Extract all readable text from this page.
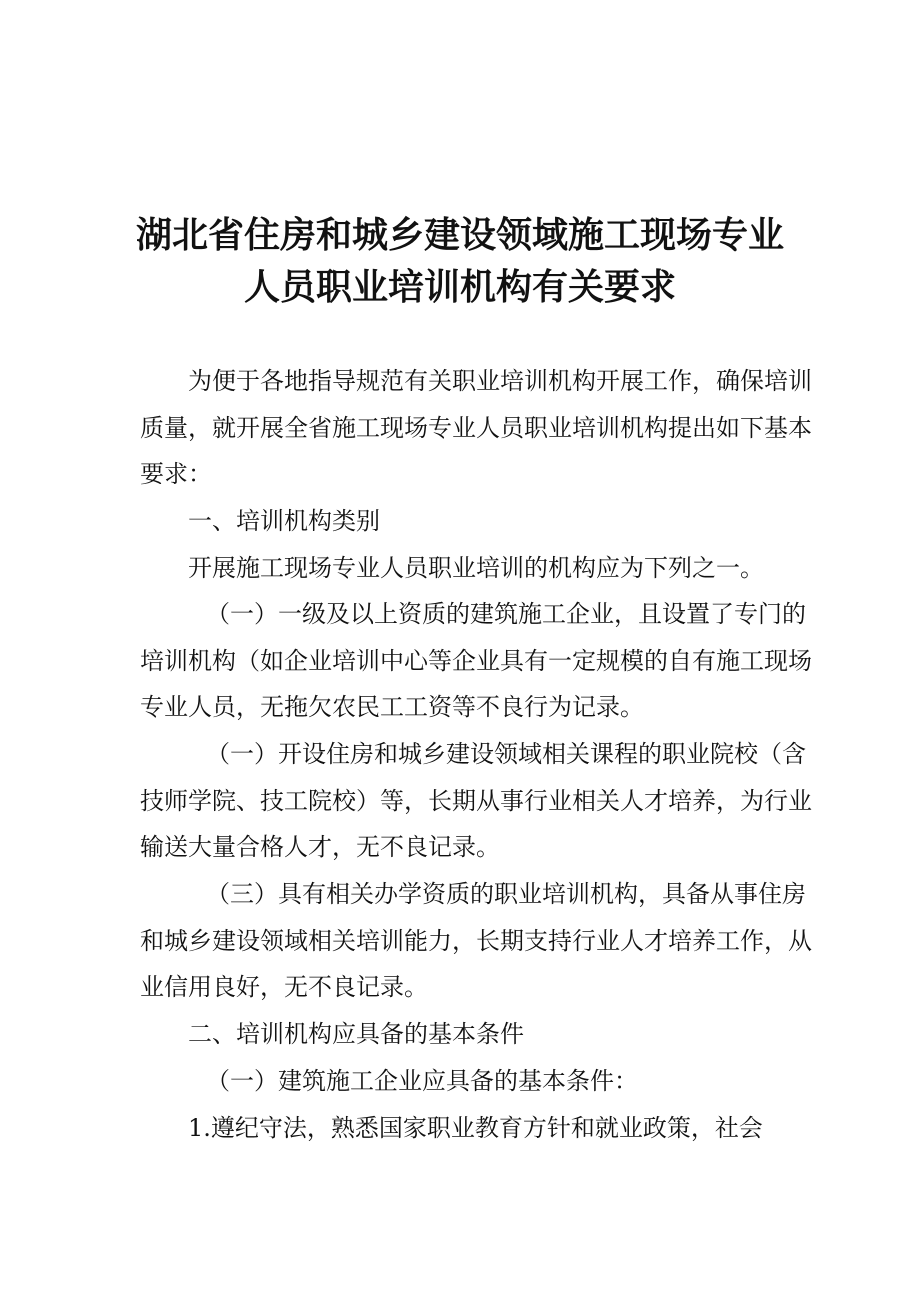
湖北省住房和城乡建设领域施工现场专业
人员职业培训机构有关要求

为便于各地指导规范有关职业培训机构开展工作，确保培训

质量，就开展全省施工现场专业人员职业培训机构提出如下基本

要求：

一、培训机构类别

开展施工现场专业人员职业培训的机构应为下列之一。

（一）一级及以上资质的建筑施工企业，且设置了专门的

培训机构（如企业培训中心等企业具有一定规模的自有施工现场

专业人员，无拖欠农民工工资等不良行为记录。

（一）开设住房和城乡建设领域相关课程的职业院校（含

技师学院、技工院校）等，长期从事行业相关人才培养，为行业

输送大量合格人才，无不良记录。

（三）具有相关办学资质的职业培训机构，具备从事住房

和城乡建设领域相关培训能力，长期支持行业人才培养工作，从

业信用良好，无不良记录。

二、培训机构应具备的基本条件

（一）建筑施工企业应具备的基本条件：

1.遵纪守法，熟悉国家职业教育方针和就业政策，社会
